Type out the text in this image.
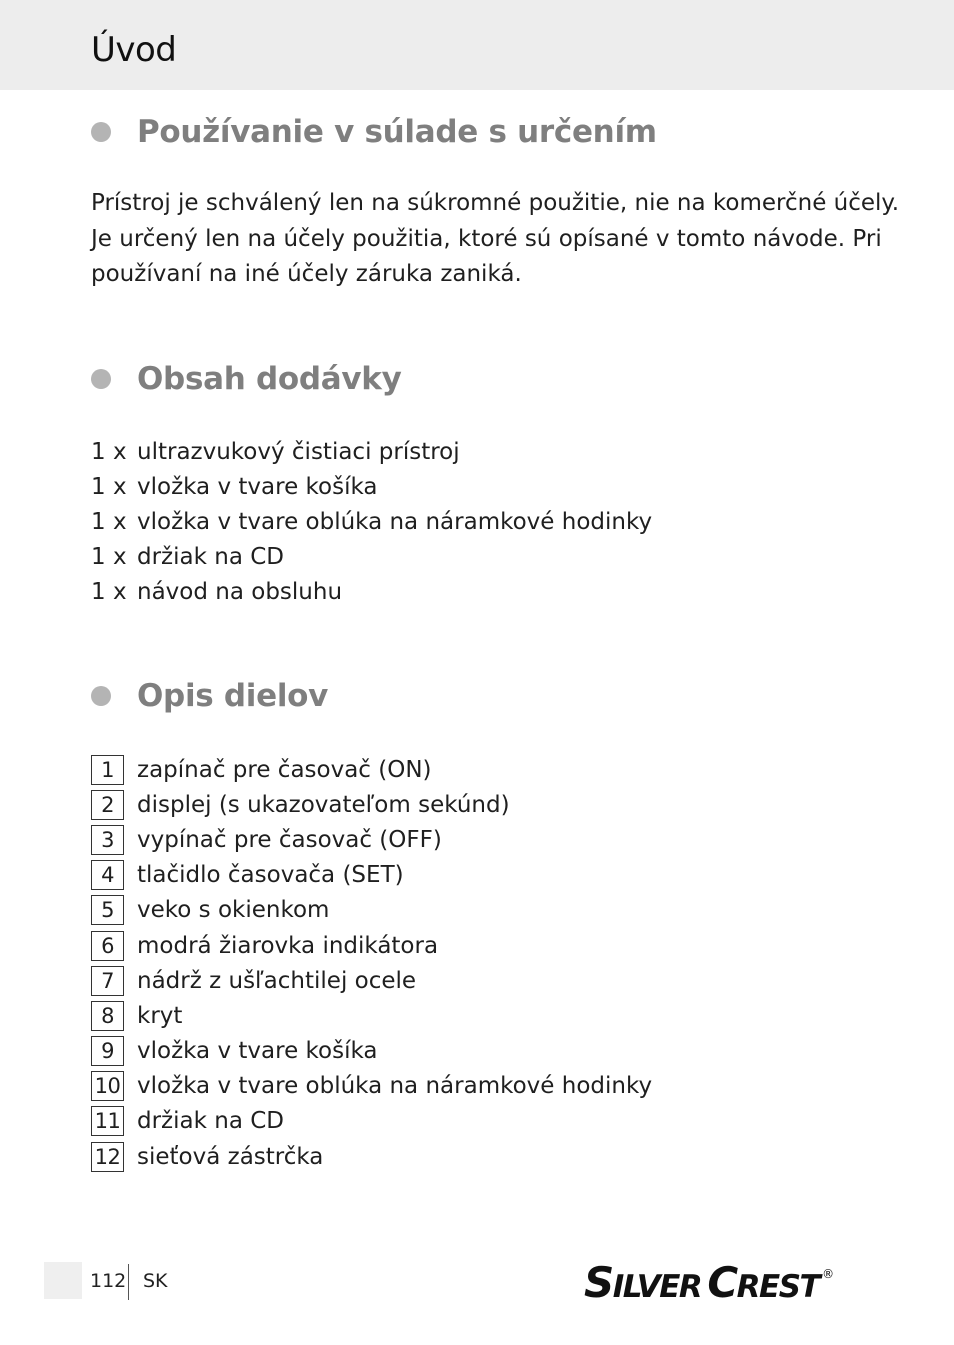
Úvod
Používanie v súlade s určením

Prístroj je schválený len na súkromné použitie, nie na komerčné účely.
Je určený len na účely použitia, ktoré sú opísané v tomto návode. Pri
používaní na iné účely záruka zaniká.

Obsah dodávky
1 x ultrazvukový čistiaci prístroj
1 x vložka v tvare košíka
1 x vložka v tvare oblúka na náramkové hodinky
1 x držiak na CD
1 x návod na obsluhu
Opis dielov
1	zapínač pre časovač (ON)
2	displej (s ukazovateľom sekúnd)
3	vypínač pre časovač (OFF)
4	tlačidlo časovača (SET)
5	veko s okienkom
6	modrá žiarovka indikátora
7	nádrž z ušľachtilej ocele
8	kryt
9	vložka v tvare košíka
10 vložka v tvare oblúka na náramkové hodinky
11 držiak na CD
12 sieťová zástrčka
112 SK	S ILVER C REST ®
